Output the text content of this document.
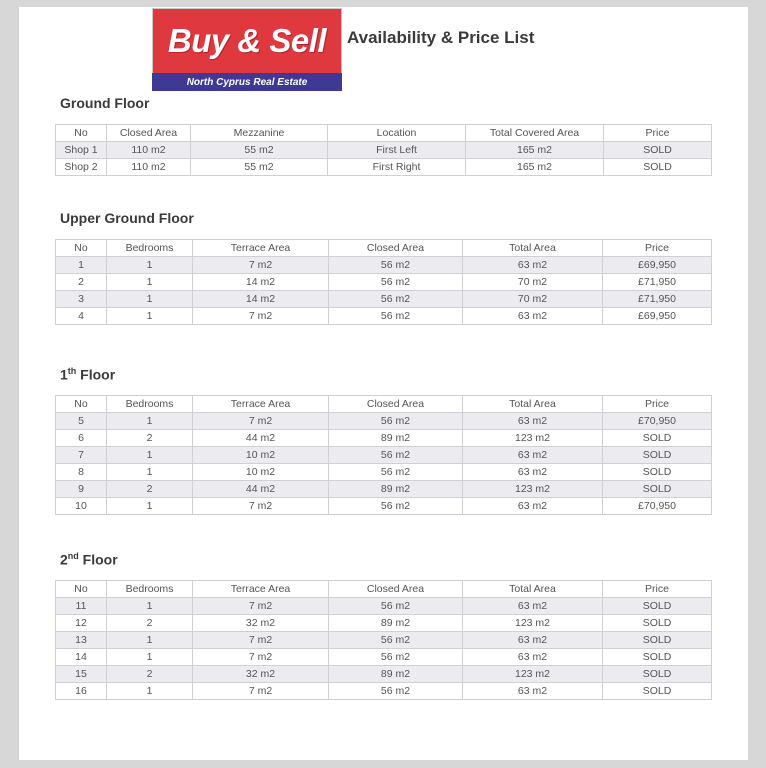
Buy & Sell
North Cyprus Real Estate
Availability & Price List
Ground Floor
No	Closed Area	Mezzanine	Location	Total Covered Area	Price
Shop 1	110 m2	55 m2	First Left	165 m2	SOLD
Shop 2	110 m2	55 m2	First Right	165 m2	SOLD
Upper Ground Floor
No	Bedrooms	Terrace Area	Closed Area	Total Area	Price
1	1	7 m2	56 m2	63 m2	£69,950
2	1	14 m2	56 m2	70 m2	£71,950
3	1	14 m2	56 m2	70 m2	£71,950
4	1	7 m2	56 m2	63 m2	£69,950
1th Floor
No	Bedrooms	Terrace Area	Closed Area	Total Area	Price
5	1	7 m2	56 m2	63 m2	£70,950
6	2	44 m2	89 m2	123 m2	SOLD
7	1	10 m2	56 m2	63 m2	SOLD
8	1	10 m2	56 m2	63 m2	SOLD
9	2	44 m2	89 m2	123 m2	SOLD
10	1	7 m2	56 m2	63 m2	£70,950
2nd Floor
No	Bedrooms	Terrace Area	Closed Area	Total Area	Price
11	1	7 m2	56 m2	63 m2	SOLD
12	2	32 m2	89 m2	123 m2	SOLD
13	1	7 m2	56 m2	63 m2	SOLD
14	1	7 m2	56 m2	63 m2	SOLD
15	2	32 m2	89 m2	123 m2	SOLD
16	1	7 m2	56 m2	63 m2	SOLD
